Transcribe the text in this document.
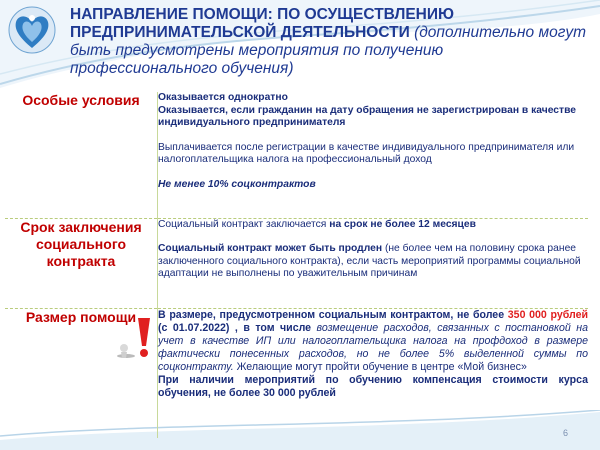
НАПРАВЛЕНИЕ ПОМОЩИ: ПО ОСУЩЕСТВЛЕНИЮ ПРЕДПРИНИМАТЕЛЬСКОЙ ДЕЯТЕЛЬНОСТИ (дополнительно могут быть предусмотрены мероприятия по получению профессионального обучения)
Особые условия	Оказывается однократно
Оказывается, если гражданин на дату обращения не зарегистрирован в качестве индивидуального предпринимателя
Выплачивается после регистрации в качестве индивидуального предпринимателя или налогоплательщика налога на профессиональный доход
Не менее 10% соцконтрактов

Срок заключения социального контракта	Социальный контракт заключается на срок не более 12 месяцев
Социальный контракт может быть продлен (не более чем на половину срока ранее заключенного социального контракта), если часть мероприятий программы социальной адаптации не выполнены по уважительным причинам

Размер помощи	В размере, предусмотренном социальным контрактом, не более 350 000 рублей (с 01.07.2022) , в том числе возмещение расходов, связанных с постановкой на учет в качестве ИП или налогоплательщика налога на профдоход в размере фактически понесенных расходов, но не более 5% выделенной суммы по соцконтракту. Желающие могут пройти обучение в центре «Мой бизнес»
При наличии мероприятий по обучению компенсация стоимости курса обучения, не более 30 000 рублей
6
